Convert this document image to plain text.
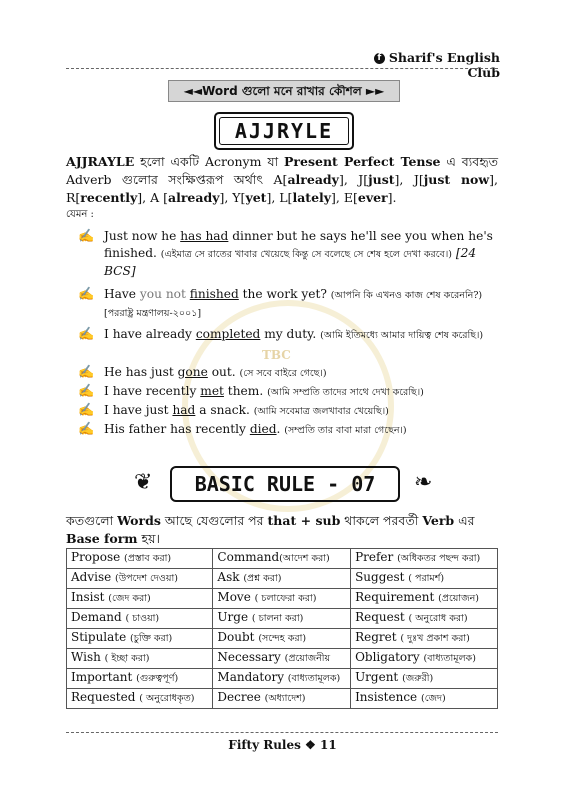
f Sharif's English Club
◄◄Word গুলো মনে রাখার কৌশল ►►
AJJRYLE
AJJRAYLE হলো একটি Acronym যা Present Perfect Tense এ ব্যবহৃত Adverb গুলোর সংক্ষিপ্তরূপ অর্থাৎ A[already], J[just], J[just now], R[recently], A [already], Y[yet], L[lately], E[ever].
যেমন :
TBC
✍ Just now he has had dinner but he says he'll see you when he's finished. (এইমাত্র সে রাতের খাবার খেয়েছে কিন্তু সে বলেছে সে শেষ হলে দেখা করবে।) [24 BCS]
✍ Have you not finished the work yet? (আপনি কি এখনও কাজ শেষ করেননি?) [পররাষ্ট্র মন্ত্রণালয়-২০০১]
✍ I have already completed my duty. (আমি ইতিমধ্যে আমার দায়িত্ব শেষ করেছি।)
✍ He has just gone out. (সে সবে বাইরে গেছে।)
✍ I have recently met them. (আমি সম্প্রতি তাদের সাথে দেখা করেছি।)
✍ I have just had a snack. (আমি সবেমাত্র জলখাবার খেয়েছি।)
✍ His father has recently died. (সম্প্রতি তার বাবা মারা গেছেন।)
❦	BASIC RULE - 07	❧
কতগুলো Words আছে যেগুলোর পর that + sub থাকলে পরবর্তী Verb এর Base form হয়।
Propose (প্রস্তাব করা)	Command(আদেশ করা)	Prefer (অধিকতর পছন্দ করা)
Advise (উপদেশ দেওয়া)	Ask (প্রশ্ন করা)	Suggest ( পরামর্শ)
Insist (জেদ করা)	Move ( চলাফেরা করা)	Requirement (প্রয়োজন)
Demand ( চাওয়া)	Urge ( চালনা করা)	Request ( অনুরোধ করা)
Stipulate (চুক্তি করা)	Doubt (সন্দেহ করা)	Regret ( দুঃখ প্রকাশ করা)
Wish ( ইচ্ছা করা)	Necessary (প্রয়োজনীয়	Obligatory (বাধ্যতামূলক)
Important (গুরুত্বপূর্ণ)	Mandatory (বাধ্যতামূলক)	Urgent (জরুরী)
Requested ( অনুরোধকৃত)	Decree (অধ্যাদেশ)	Insistence (জেদ)
Fifty Rules ❖ 11
